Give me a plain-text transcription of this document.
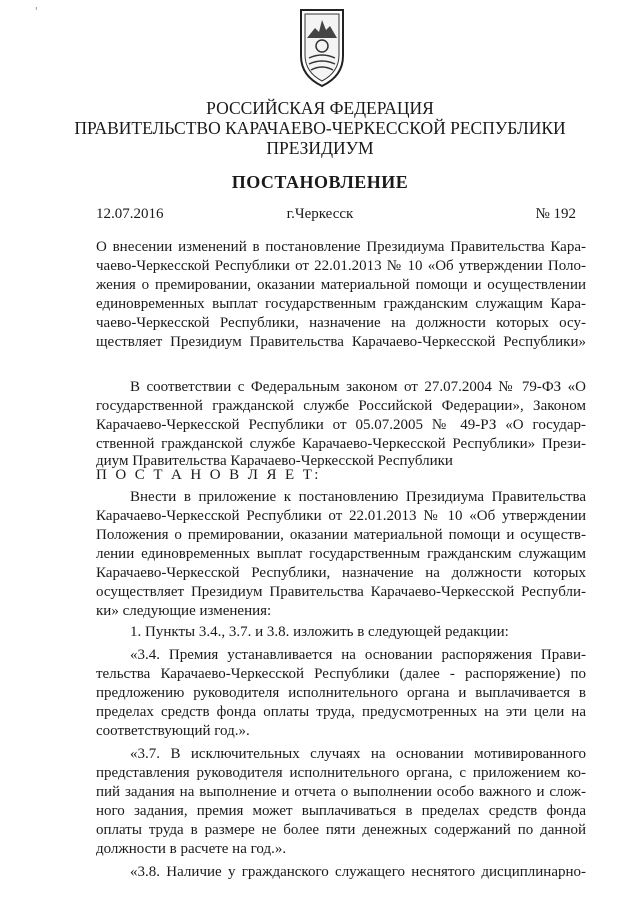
ⸯ
РОССИЙСКАЯ ФЕДЕРАЦИЯ
ПРАВИТЕЛЬСТВО КАРАЧАЕВО-ЧЕРКЕССКОЙ РЕСПУБЛИКИ
ПРЕЗИДИУМ
ПОСТАНОВЛЕНИЕ
12.07.2016	г.Черкесск	№ 192
О внесении изменений в постановление Президиума Правительства Кара-
чаево-Черкесской Республики от 22.01.2013 № 10 «Об утверждении Поло-
жения о премировании, оказании материальной помощи и осуществлении
единовременных выплат государственным гражданским служащим Кара-
чаево-Черкесской Республики, назначение на должности которых осу-
ществляет Президиум Правительства Карачаево-Черкесской Республики»
В соответствии с Федеральным законом от 27.07.2004 № 79-ФЗ «О
государственной гражданской службе Российской Федерации», Законом
Карачаево-Черкесской Республики от 05.07.2005 № 49-РЗ «О государ-
ственной гражданской службе Карачаево-Черкесской Республики» Прези-
диум Правительства Карачаево-Черкесской Республики
П О С Т А Н О В Л Я Е Т:
Внести в приложение к постановлению Президиума Правительства
Карачаево-Черкесской Республики от 22.01.2013 № 10 «Об утверждении
Положения о премировании, оказании материальной помощи и осуществ-
лении единовременных выплат государственным гражданским служащим
Карачаево-Черкесской Республики, назначение на должности которых
осуществляет Президиум Правительства Карачаево-Черкесской Республи-
ки» следующие изменения:
1. Пункты 3.4., 3.7. и 3.8. изложить в следующей редакции:
«3.4. Премия устанавливается на основании распоряжения Прави-
тельства Карачаево-Черкесской Республики (далее - распоряжение) по
предложению руководителя исполнительного органа и выплачивается в
пределах средств фонда оплаты труда, предусмотренных на эти цели на
соответствующий год.».
«3.7. В исключительных случаях на основании мотивированного
представления руководителя исполнительного органа, с приложением ко-
пий задания на выполнение и отчета о выполнении особо важного и слож-
ного задания, премия может выплачиваться в пределах средств фонда
оплаты труда в размере не более пяти денежных содержаний по данной
должности в расчете на год.».
«3.8. Наличие у гражданского служащего неснятого дисциплинарно-
